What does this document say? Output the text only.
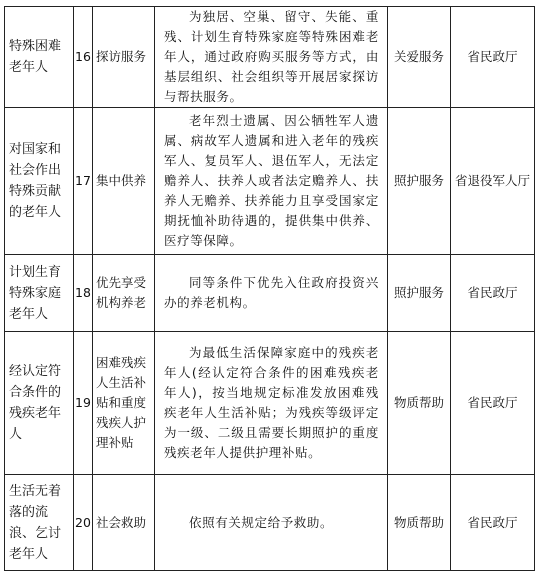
特殊困难老年人	16	探访服务	为独居、空巢、留守、失能、重残、计划生育特殊家庭等特殊困难老年人，通过政府购买服务等方式，由基层组织、社会组织等开展居家探访与帮扶服务。	关爱服务	省民政厅
对国家和社会作出特殊贡献的老年人	17	集中供养	老年烈士遗属、因公牺牲军人遗属、病故军人遗属和进入老年的残疾军人、复员军人、退伍军人，无法定赡养人、扶养人或者法定赡养人、扶养人无赡养、扶养能力且享受国家定期抚恤补助待遇的，提供集中供养、医疗等保障。	照护服务	省退役军人厅
计划生育特殊家庭老年人	18	优先享受机构养老	同等条件下优先入住政府投资兴办的养老机构。	照护服务	省民政厅
经认定符合条件的残疾老年人	19	困难残疾人生活补贴和重度残疾人护理补贴	为最低生活保障家庭中的残疾老年人(经认定符合条件的困难残疾老年人)，按当地规定标准发放困难残疾老年人生活补贴；为残疾等级评定为一级、二级且需要长期照护的重度残疾老年人提供护理补贴。	物质帮助	省民政厅
生活无着落的流浪、乞讨老年人	20	社会救助	依照有关规定给予救助。	物质帮助	省民政厅
